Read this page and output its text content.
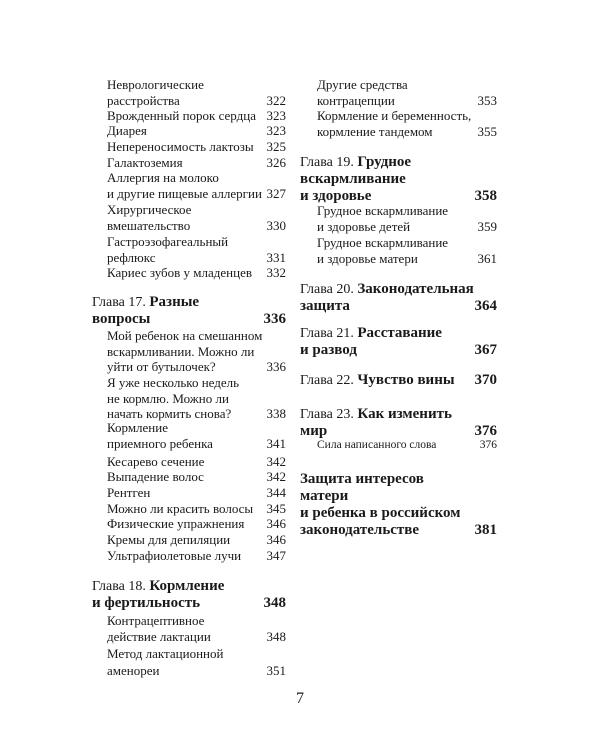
Неврологические
расстройства	322
Врожденный порок сердца 323
Диарея	323
Непереносимость лактозы 325
Галактоземия	326
Аллергия на молоко
и другие пищевые аллергии 327
Хирургическое
вмешательство	330
Гастроэзофагеальный
рефлюкс	331
Кариес зубов у младенцев	332
Глава 17. Разные
вопросы	336
Мой ребенок на смешанном
вскармливании. Можно ли
уйти от бутылочек?	336
Я уже несколько недель
не кормлю. Можно ли
начать кормить снова?	338
Кормление
приемного ребенка	341
Кесарево сечение	342
Выпадение волос	342
Рентген	344
Можно ли красить волосы	345
Физические упражнения	346
Кремы для депиляции	346
Ультрафиолетовые лучи	347
Глава 18. Кормление
и фертильность	348
Контрацептивное
действие лактации	348
Метод лактационной
аменореи	351
Другие средства
контрацепции	353
Кормление и беременность,
кормление тандемом	355
Глава 19. Грудное
вскармливание
и здоровье	358
Грудное вскармливание
и здоровье детей	359
Грудное вскармливание
и здоровье матери	361
Глава 20. Законодательная
защита	364
Глава 21. Расставание
и развод	367
Глава 22. Чувство вины	370
Глава 23. Как изменить
мир	376
Сила написанного слова	376
Защита интересов матери
и ребенка в российском
законодательстве	381
7
